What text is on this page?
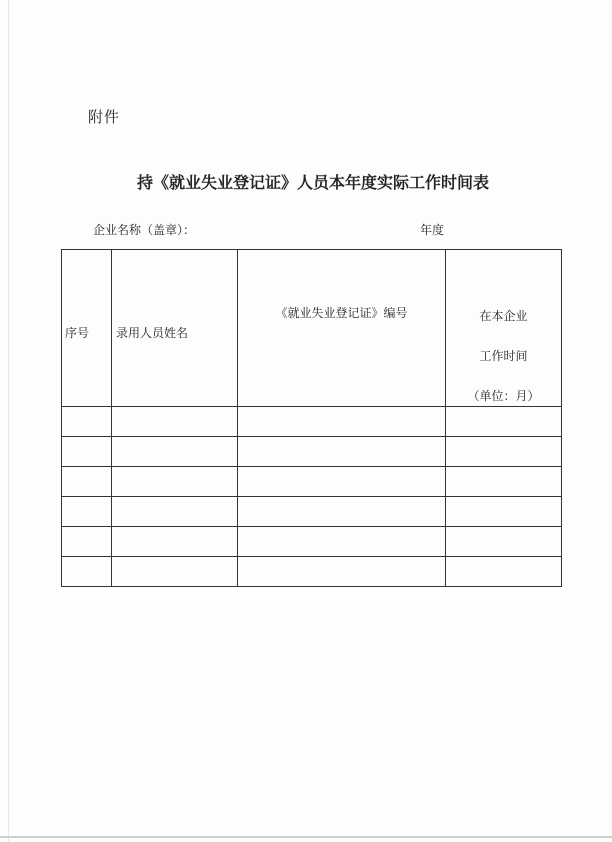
附件
持《就业失业登记证》人员本年度实际工作时间表
企业名称（盖章）：	年度
序号	录用人员姓名	《就业失业登记证》编号	在本企业
工作时间
（单位：月）
